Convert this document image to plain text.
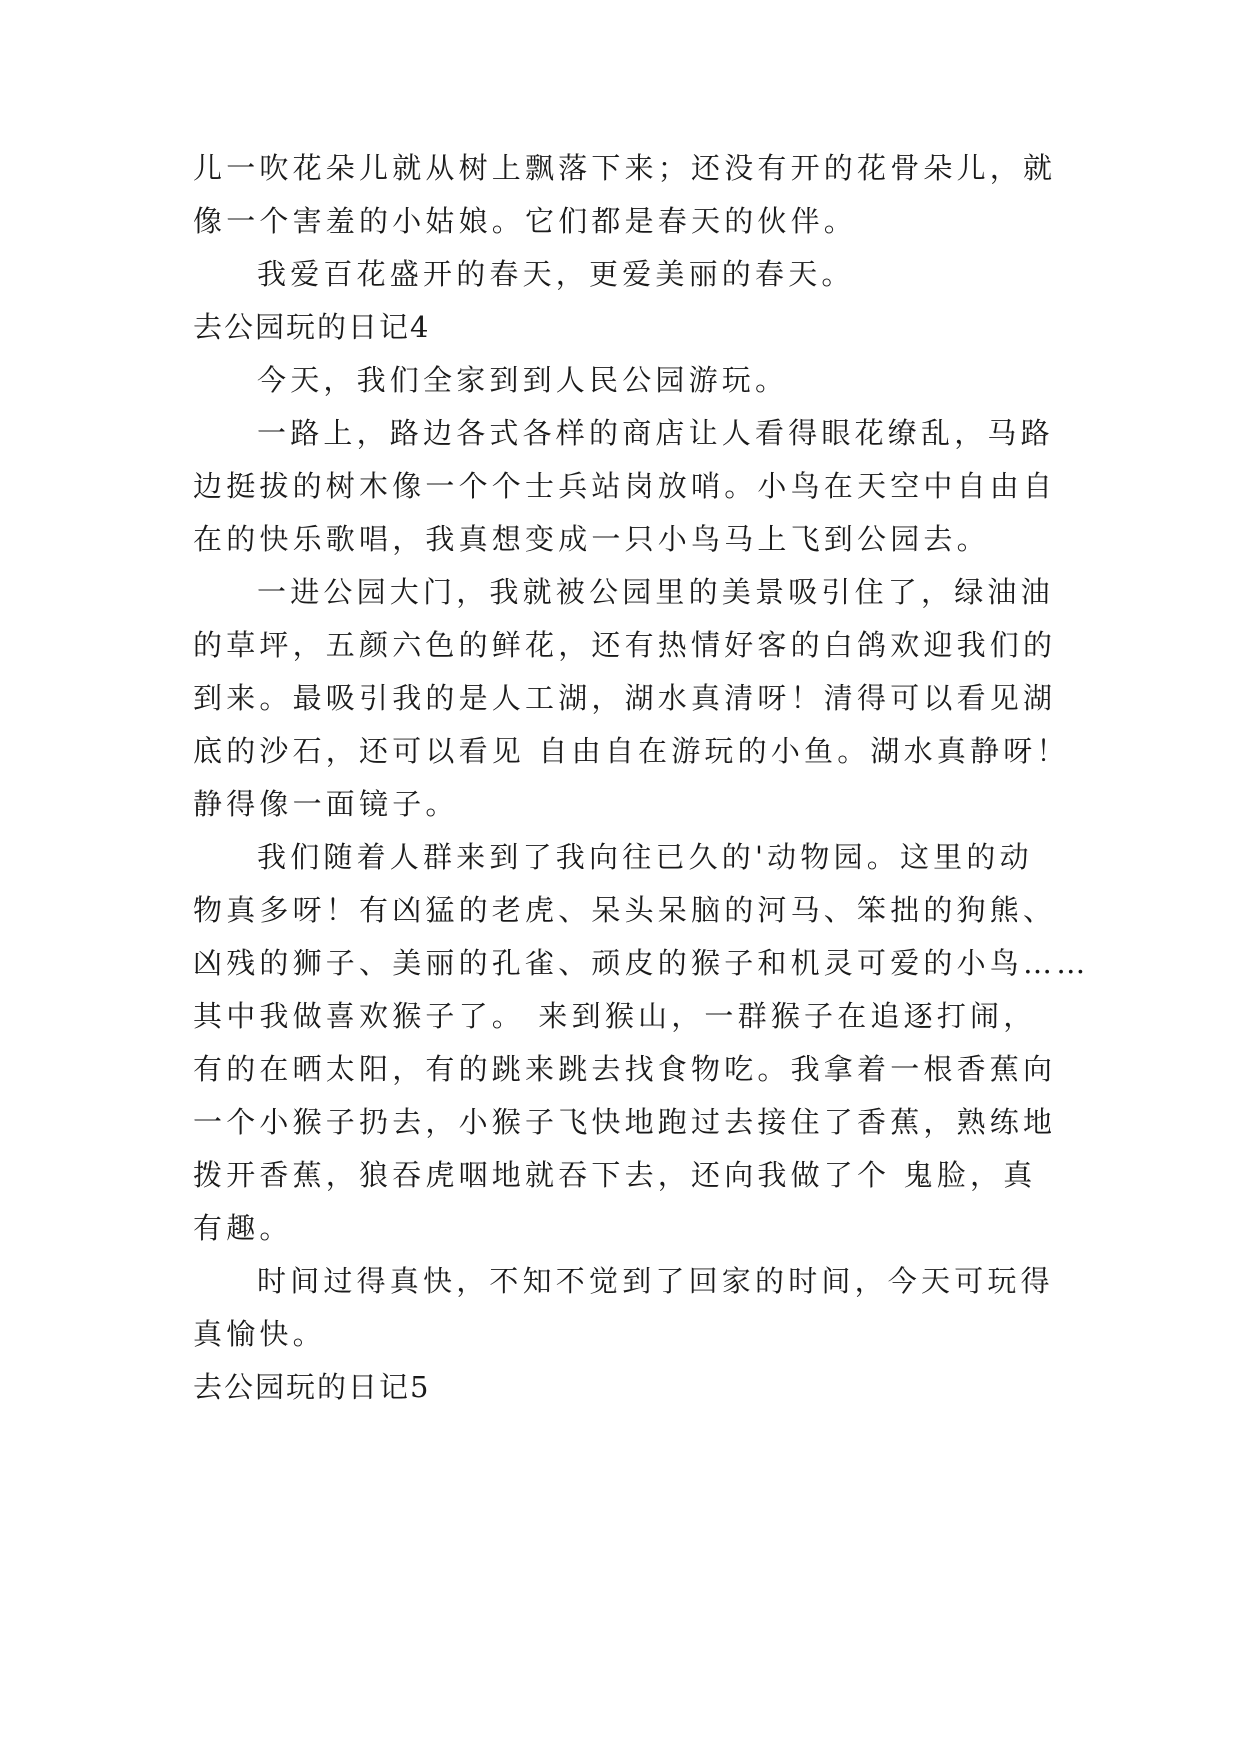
儿一吹花朵儿就从树上飘落下来；还没有开的花骨朵儿，就
像一个害羞的小姑娘。它们都是春天的伙伴。
我爱百花盛开的春天，更爱美丽的春天。
去公园玩的日记4
今天，我们全家到到人民公园游玩。
一路上，路边各式各样的商店让人看得眼花缭乱，马路
边挺拔的树木像一个个士兵站岗放哨。小鸟在天空中自由自
在的快乐歌唱，我真想变成一只小鸟马上飞到公园去。
一进公园大门，我就被公园里的美景吸引住了，绿油油
的草坪，五颜六色的鲜花，还有热情好客的白鸽欢迎我们的
到来。最吸引我的是人工湖，湖水真清呀！清得可以看见湖
底的沙石，还可以看见 自由自在游玩的小鱼。湖水真静呀！
静得像一面镜子。
我们随着人群来到了我向往已久的'动物园。这里的动
物真多呀！有凶猛的老虎、呆头呆脑的河马、笨拙的狗熊、
凶残的狮子、美丽的孔雀、顽皮的猴子和机灵可爱的小鸟……
其中我做喜欢猴子了。 来到猴山，一群猴子在追逐打闹，
有的在晒太阳，有的跳来跳去找食物吃。我拿着一根香蕉向
一个小猴子扔去，小猴子飞快地跑过去接住了香蕉，熟练地
拨开香蕉，狼吞虎咽地就吞下去，还向我做了个 鬼脸，真
有趣。
时间过得真快，不知不觉到了回家的时间，今天可玩得
真愉快。
去公园玩的日记5
